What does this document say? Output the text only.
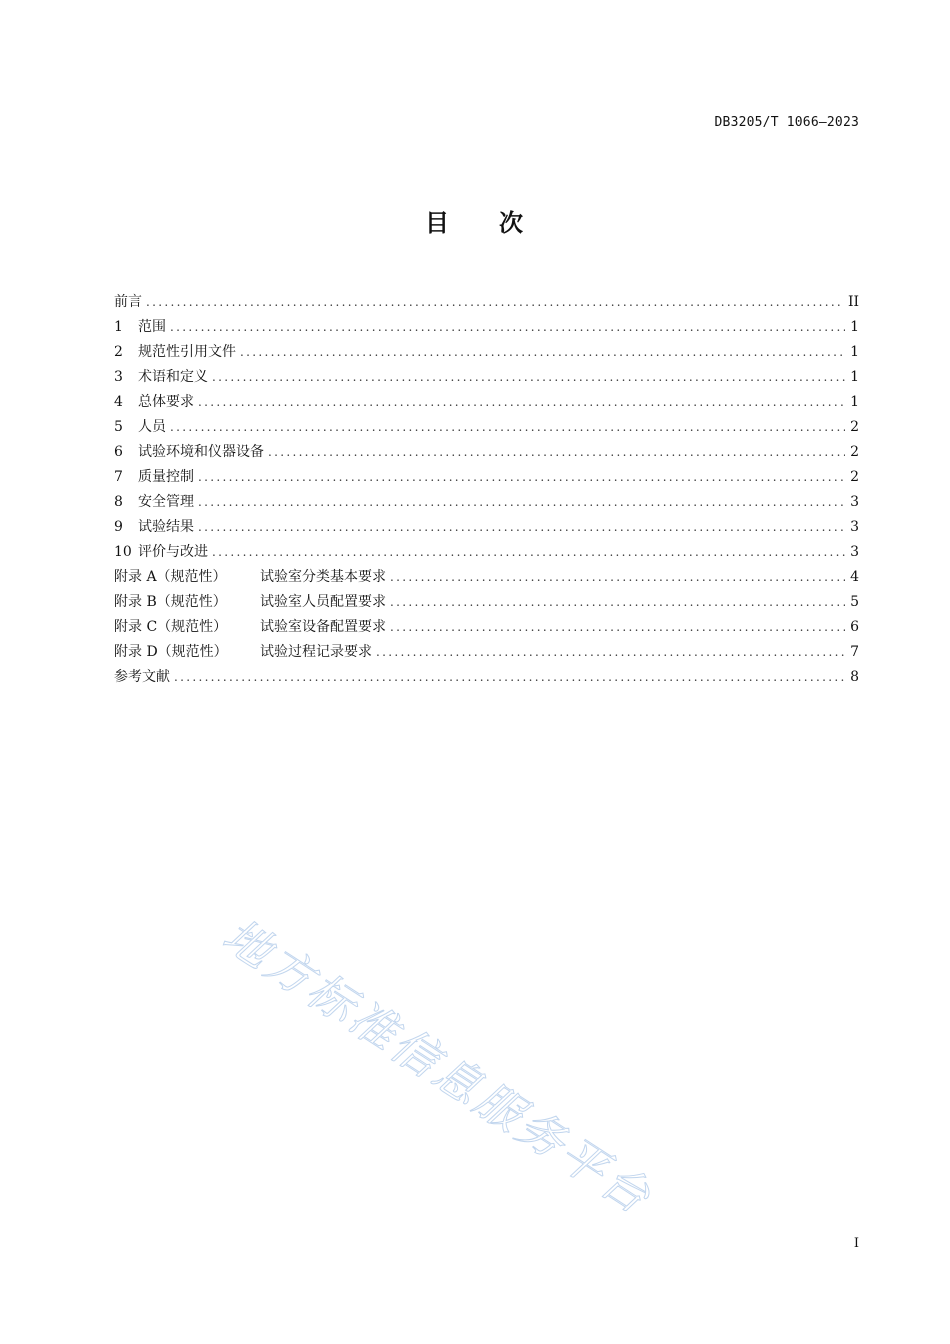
DB3205/T 1066—2023
目 次
前言 .....	II
1	范围 .....	1
2	规范性引用文件 .....	1
3	术语和定义 .....	1
4	总体要求 .....	1
5	人员 .....	2
6	试验环境和仪器设备 .....	2
7	质量控制 .....	2
8	安全管理 .....	3
9	试验结果 .....	3
10 评价与改进 .....	3
附录 A（规范性）	试验室分类基本要求 .....	4
附录 B（规范性）	试验室人员配置要求 .....	5
附录 C（规范性）	试验室设备配置要求 .....	6
附录 D（规范性）	试验过程记录要求 .....	7
参考文献 .....	8
地方标准信息服务平台
I
